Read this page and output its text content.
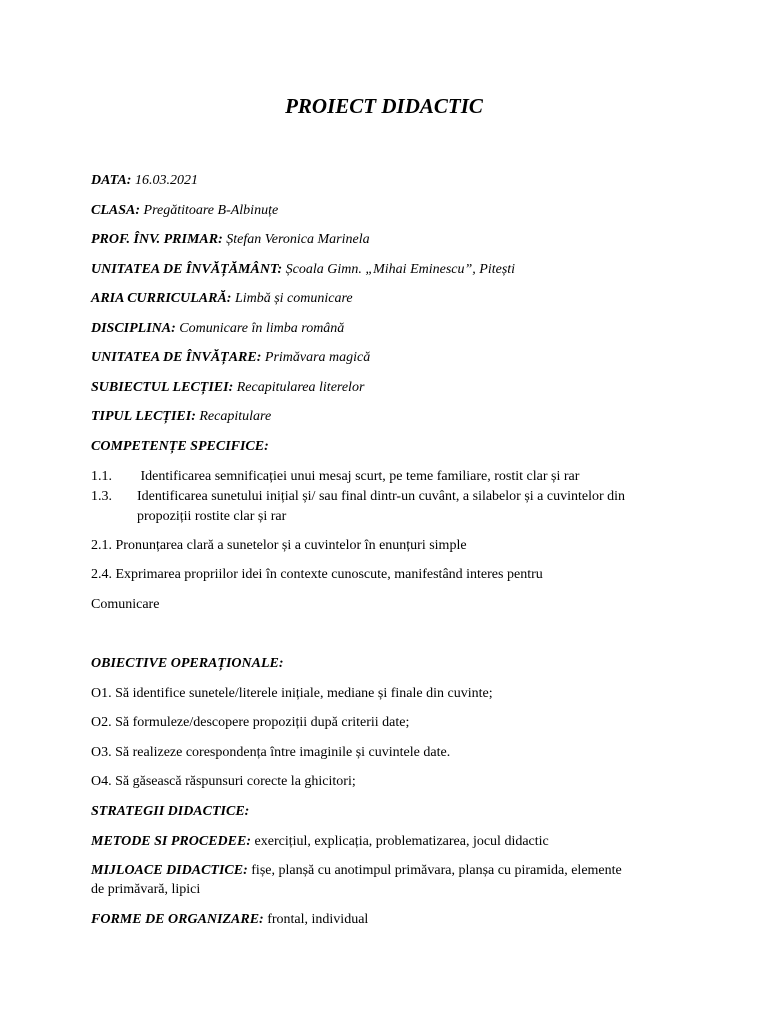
PROIECT DIDACTIC
DATA: 16.03.2021
CLASA: Pregătitoare B-Albinuțe
PROF. ÎNV. PRIMAR: Ștefan Veronica Marinela
UNITATEA DE ÎNVĂȚĂMÂNT: Școala Gimn. „Mihai Eminescu”, Pitești
ARIA CURRICULARĂ: Limbă și comunicare
DISCIPLINA: Comunicare în limba română
UNITATEA DE ÎNVĂȚARE: Primăvara magică
SUBIECTUL LECȚIEI: Recapitularea literelor
TIPUL LECȚIEI: Recapitulare
COMPETENȚE SPECIFICE:
1.1. Identificarea semnificației unui mesaj scurt, pe teme familiare, rostit clar și rar
1.3. Identificarea sunetului inițial și/ sau final dintr-un cuvânt, a silabelor și a cuvintelor din
propoziții rostite clar și rar
2.1. Pronunțarea clară a sunetelor și a cuvintelor în enunțuri simple
2.4. Exprimarea propriilor idei în contexte cunoscute, manifestând interes pentru
Comunicare
OBIECTIVE OPERAȚIONALE:
O1. Să identifice sunetele/literele inițiale, mediane și finale din cuvinte;
O2. Să formuleze/descopere propoziții după criterii date;
O3. Să realizeze corespondența între imaginile și cuvintele date.
O4. Să găsească răspunsuri corecte la ghicitori;
STRATEGII DIDACTICE:
METODE SI PROCEDEE: exercițiul, explicația, problematizarea, jocul didactic
MIJLOACE DIDACTICE: fișe, planșă cu anotimpul primăvara, planșa cu piramida, elemente
de primăvară, lipici
FORME DE ORGANIZARE: frontal, individual
